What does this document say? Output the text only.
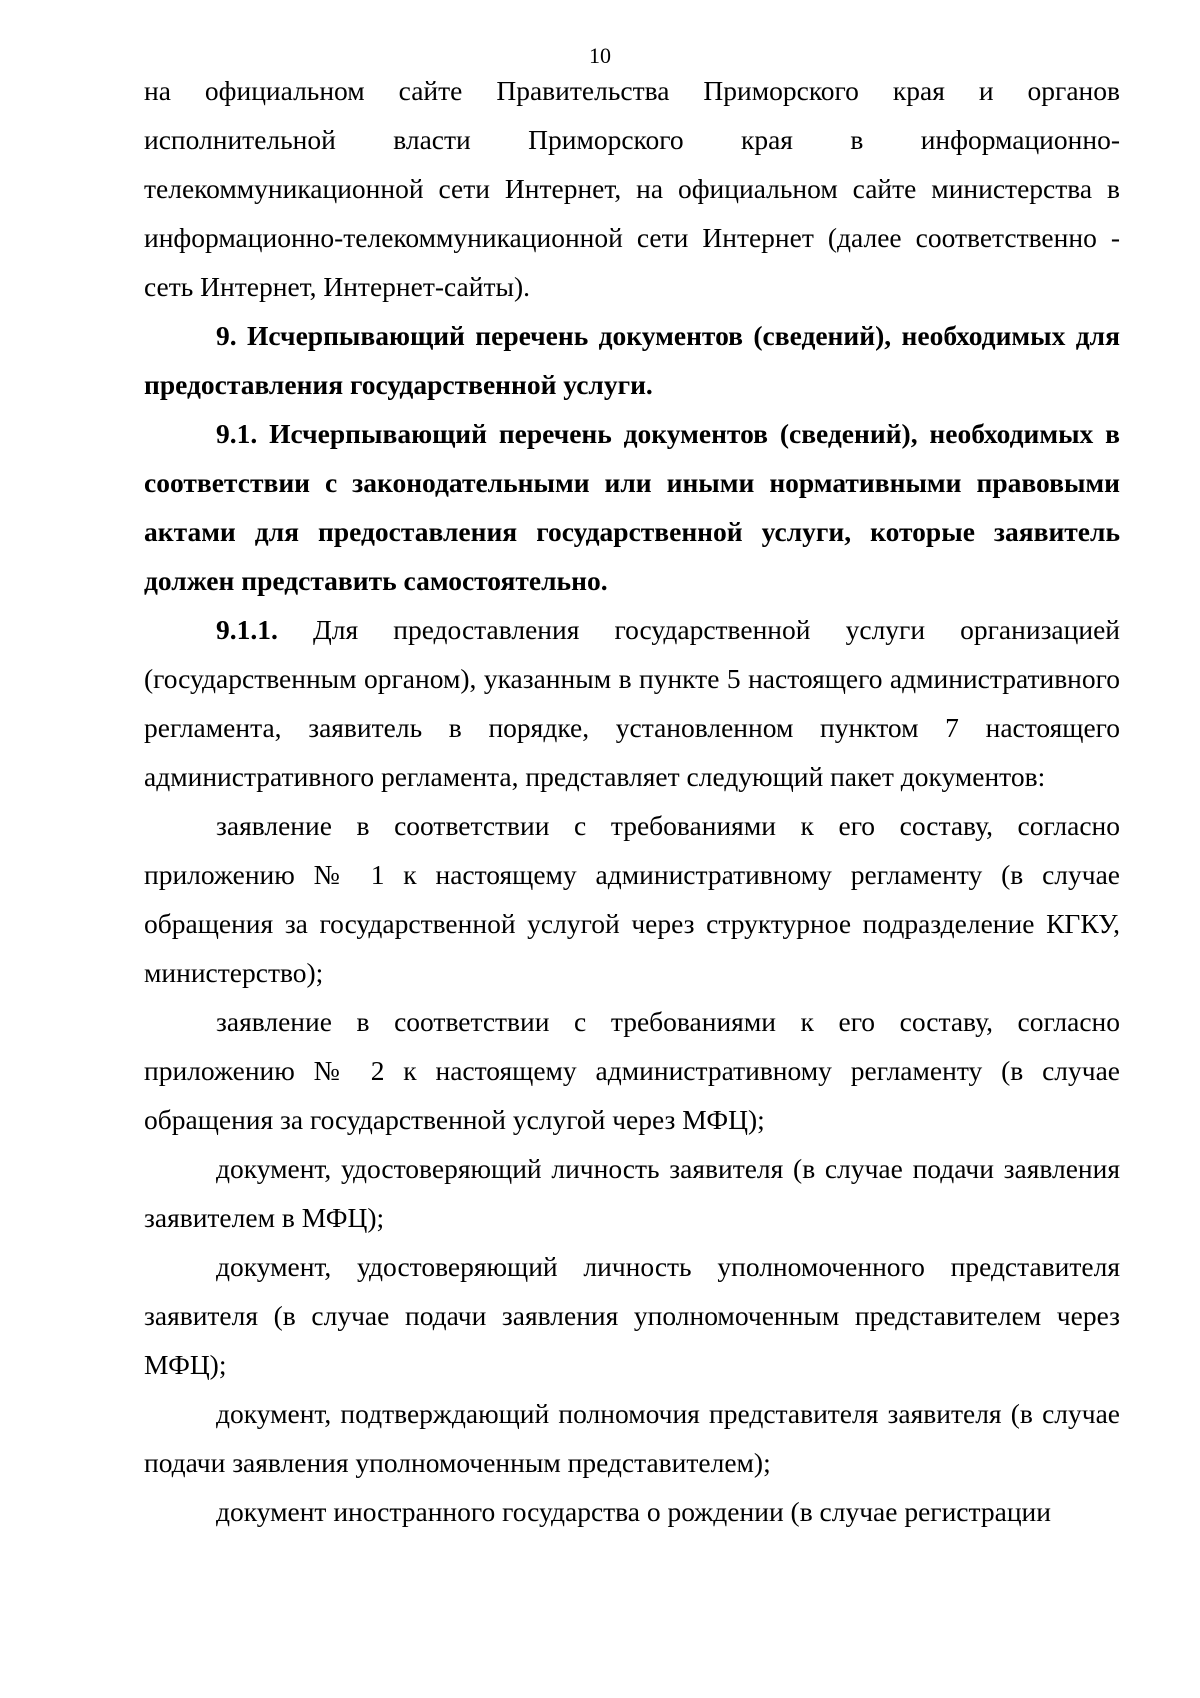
10

на официальном сайте Правительства Приморского края и органов исполнительной власти Приморского края в информационно-телекоммуникационной сети Интернет, на официальном сайте министерства в информационно-телекоммуникационной сети Интернет (далее соответственно - сеть Интернет, Интернет-сайты).

9. Исчерпывающий перечень документов (сведений), необходимых для предоставления государственной услуги.

9.1. Исчерпывающий перечень документов (сведений), необходимых в соответствии с законодательными или иными нормативными правовыми актами для предоставления государственной услуги, которые заявитель должен представить самостоятельно.

9.1.1. Для предоставления государственной услуги организацией (государственным органом), указанным в пункте 5 настоящего административного регламента, заявитель в порядке, установленном пунктом 7 настоящего административного регламента, представляет следующий пакет документов:

заявление в соответствии с требованиями к его составу, согласно приложению № 1 к настоящему административному регламенту (в случае обращения за государственной услугой через структурное подразделение КГКУ, министерство);

заявление в соответствии с требованиями к его составу, согласно приложению № 2 к настоящему административному регламенту (в случае обращения за государственной услугой через МФЦ);

документ, удостоверяющий личность заявителя (в случае подачи заявления заявителем в МФЦ);

документ, удостоверяющий личность уполномоченного представителя заявителя (в случае подачи заявления уполномоченным представителем через МФЦ);

документ, подтверждающий полномочия представителя заявителя (в случае подачи заявления уполномоченным представителем);

документ иностранного государства о рождении (в случае регистрации
